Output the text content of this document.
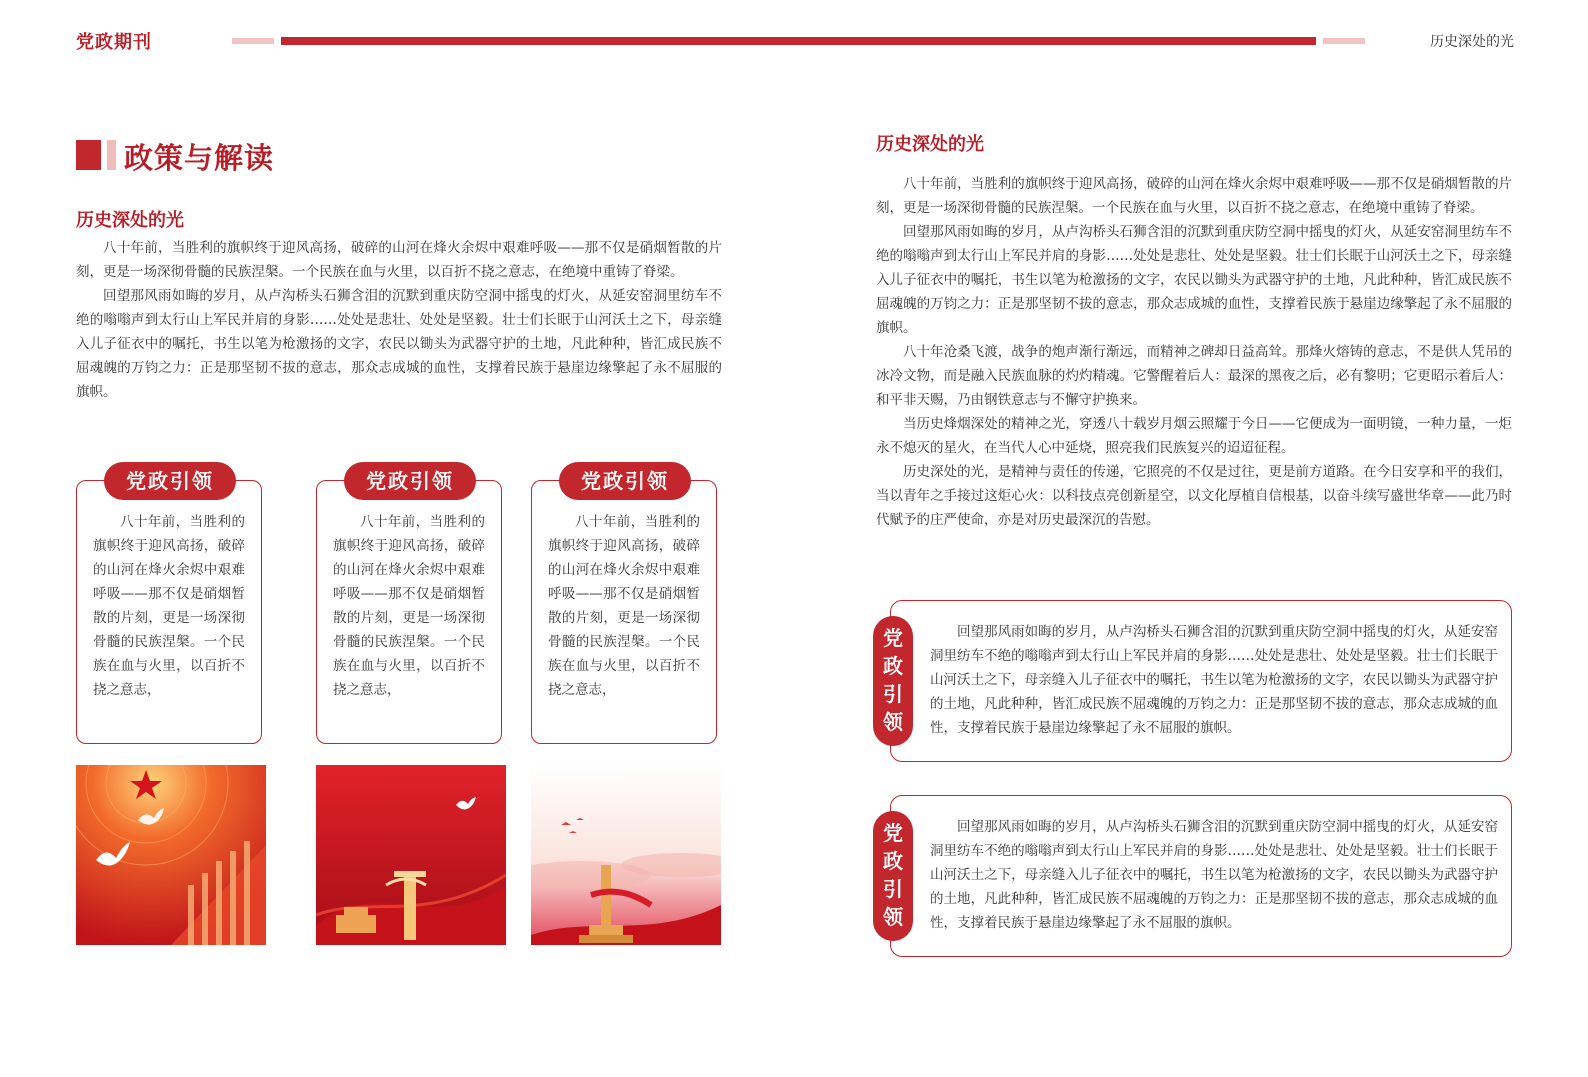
党政期刊	历史深处的光
政策与解读
历史深处的光

八十年前，当胜利的旗帜终于迎风高扬，破碎的山河在烽火余烬中艰难呼吸——那不仅是硝烟暂散的片刻，更是一场深彻骨髓的民族涅槃。一个民族在血与火里，以百折不挠之意志，在绝境中重铸了脊梁。

回望那风雨如晦的岁月，从卢沟桥头石狮含泪的沉默到重庆防空洞中摇曳的灯火，从延安窑洞里纺车不绝的嗡嗡声到太行山上军民并肩的身影……处处是悲壮、处处是坚毅。壮士们长眠于山河沃土之下，母亲缝入儿子征衣中的嘱托，书生以笔为枪激扬的文字，农民以锄头为武器守护的土地，凡此种种，皆汇成民族不屈魂魄的万钧之力：正是那坚韧不拔的意志，那众志成城的血性，支撑着民族于悬崖边缘擎起了永不屈服的旗帜。

党政引领

八十年前，当胜利的旗帜终于迎风高扬，破碎的山河在烽火余烬中艰难呼吸——那不仅是硝烟暂散的片刻，更是一场深彻骨髓的民族涅槃。一个民族在血与火里，以百折不挠之意志，

党政引领

八十年前，当胜利的旗帜终于迎风高扬，破碎的山河在烽火余烬中艰难呼吸——那不仅是硝烟暂散的片刻，更是一场深彻骨髓的民族涅槃。一个民族在血与火里，以百折不挠之意志，

党政引领

八十年前，当胜利的旗帜终于迎风高扬，破碎的山河在烽火余烬中艰难呼吸——那不仅是硝烟暂散的片刻，更是一场深彻骨髓的民族涅槃。一个民族在血与火里，以百折不挠之意志，

历史深处的光

八十年前，当胜利的旗帜终于迎风高扬，破碎的山河在烽火余烬中艰难呼吸——那不仅是硝烟暂散的片刻，更是一场深彻骨髓的民族涅槃。一个民族在血与火里，以百折不挠之意志，在绝境中重铸了脊梁。

回望那风雨如晦的岁月，从卢沟桥头石狮含泪的沉默到重庆防空洞中摇曳的灯火，从延安窑洞里纺车不绝的嗡嗡声到太行山上军民并肩的身影……处处是悲壮、处处是坚毅。壮士们长眠于山河沃土之下，母亲缝入儿子征衣中的嘱托，书生以笔为枪激扬的文字，农民以锄头为武器守护的土地，凡此种种，皆汇成民族不屈魂魄的万钧之力：正是那坚韧不拔的意志，那众志成城的血性，支撑着民族于悬崖边缘擎起了永不屈服的旗帜。

八十年沧桑飞渡，战争的炮声渐行渐远，而精神之碑却日益高耸。那烽火熔铸的意志，不是供人凭吊的冰冷文物，而是融入民族血脉的灼灼精魂。它警醒着后人：最深的黑夜之后，必有黎明；它更昭示着后人：和平非天赐，乃由钢铁意志与不懈守护换来。

当历史烽烟深处的精神之光，穿透八十载岁月烟云照耀于今日——它便成为一面明镜，一种力量，一炬永不熄灭的星火，在当代人心中延烧，照亮我们民族复兴的迢迢征程。

历史深处的光，是精神与责任的传递，它照亮的不仅是过往，更是前方道路。在今日安享和平的我们，当以青年之手接过这炬心火：以科技点亮创新星空，以文化厚植自信根基，以奋斗续写盛世华章——此乃时代赋予的庄严使命，亦是对历史最深沉的告慰。

党
政
引
领

回望那风雨如晦的岁月，从卢沟桥头石狮含泪的沉默到重庆防空洞中摇曳的灯火，从延安窑洞里纺车不绝的嗡嗡声到太行山上军民并肩的身影……处处是悲壮、处处是坚毅。壮士们长眠于山河沃土之下，母亲缝入儿子征衣中的嘱托，书生以笔为枪激扬的文字，农民以锄头为武器守护的土地，凡此种种，皆汇成民族不屈魂魄的万钧之力：正是那坚韧不拔的意志，那众志成城的血性，支撑着民族于悬崖边缘擎起了永不屈服的旗帜。

党
政
引
领

回望那风雨如晦的岁月，从卢沟桥头石狮含泪的沉默到重庆防空洞中摇曳的灯火，从延安窑洞里纺车不绝的嗡嗡声到太行山上军民并肩的身影……处处是悲壮、处处是坚毅。壮士们长眠于山河沃土之下，母亲缝入儿子征衣中的嘱托，书生以笔为枪激扬的文字，农民以锄头为武器守护的土地，凡此种种，皆汇成民族不屈魂魄的万钧之力：正是那坚韧不拔的意志，那众志成城的血性，支撑着民族于悬崖边缘擎起了永不屈服的旗帜。
